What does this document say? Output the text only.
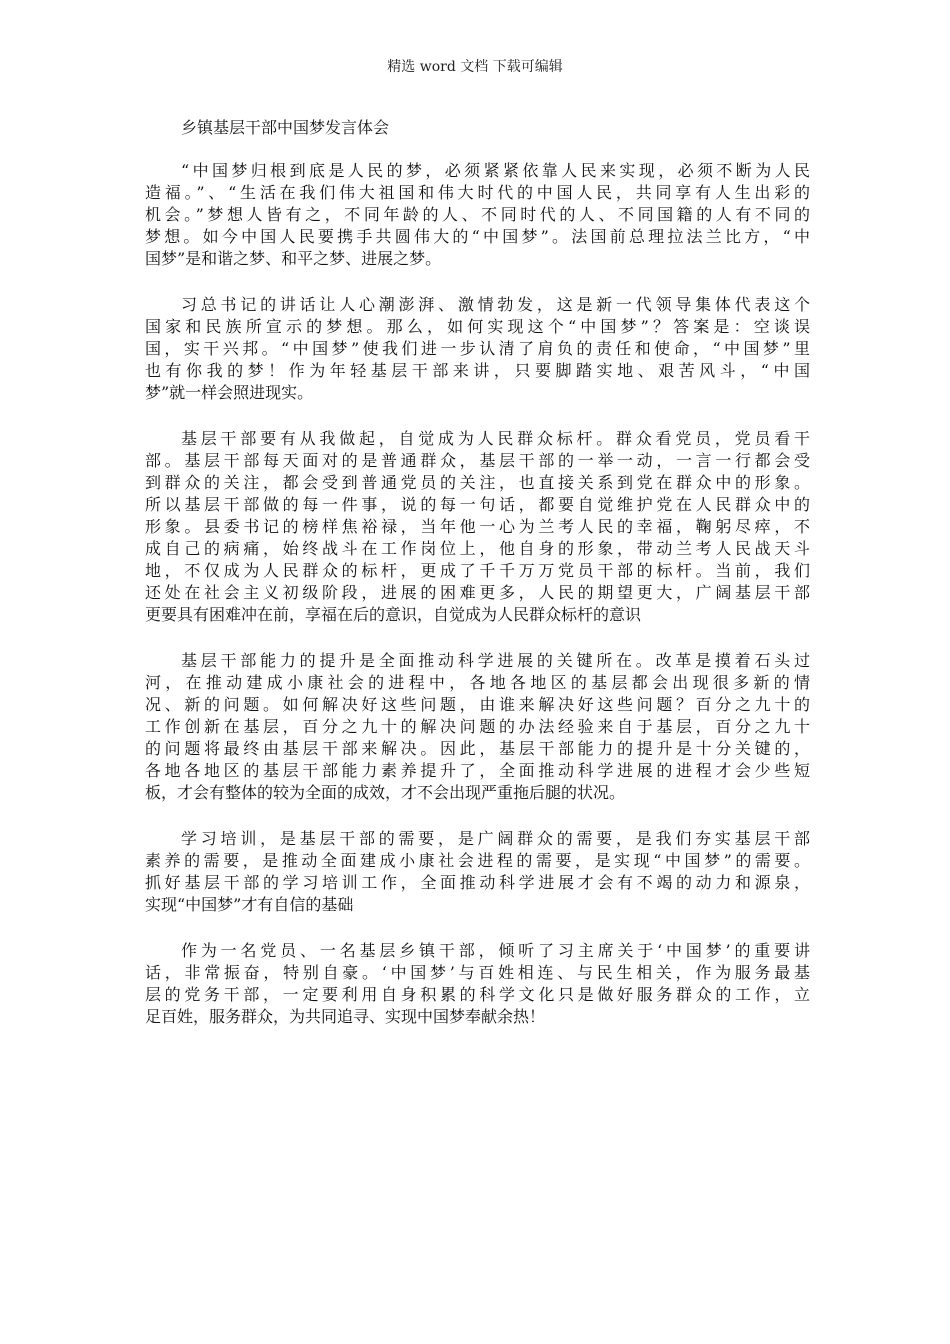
精选 word 文档 下载可编辑
乡镇基层干部中国梦发言体会
“中国梦归根到底是人民的梦，必须紧紧依靠人民来实现，必须不断为人民
造福。”、“生活在我们伟大祖国和伟大时代的中国人民，共同享有人生出彩的
机会。”梦想人皆有之，不同年龄的人、不同时代的人、不同国籍的人有不同的
梦想。如今中国人民要携手共圆伟大的“中国梦”。法国前总理拉法兰比方，“中
国梦”是和谐之梦、和平之梦、进展之梦。
习总书记的讲话让人心潮澎湃、激情勃发，这是新一代领导集体代表这个
国家和民族所宣示的梦想。那么，如何实现这个“中国梦”？答案是：空谈误
国，实干兴邦。“中国梦”使我们进一步认清了肩负的责任和使命，“中国梦”里
也有你我的梦！作为年轻基层干部来讲，只要脚踏实地、艰苦风斗，“中国
梦”就一样会照进现实。
基层干部要有从我做起，自觉成为人民群众标杆。群众看党员，党员看干
部。基层干部每天面对的是普通群众，基层干部的一举一动，一言一行都会受
到群众的关注，都会受到普通党员的关注，也直接关系到党在群众中的形象。
所以基层干部做的每一件事，说的每一句话，都要自觉维护党在人民群众中的
形象。县委书记的榜样焦裕禄，当年他一心为兰考人民的幸福，鞠躬尽瘁，不
成自己的病痛，始终战斗在工作岗位上，他自身的形象，带动兰考人民战天斗
地，不仅成为人民群众的标杆，更成了千千万万党员干部的标杆。当前，我们
还处在社会主义初级阶段，进展的困难更多，人民的期望更大，广阔基层干部
更要具有困难冲在前，享福在后的意识，自觉成为人民群众标杆的意识
基层干部能力的提升是全面推动科学进展的关键所在。改革是摸着石头过
河，在推动建成小康社会的进程中，各地各地区的基层都会出现很多新的情
况、新的问题。如何解决好这些问题，由谁来解决好这些问题？百分之九十的
工作创新在基层，百分之九十的解决问题的办法经验来自于基层，百分之九十
的问题将最终由基层干部来解决。因此，基层干部能力的提升是十分关键的，
各地各地区的基层干部能力素养提升了，全面推动科学进展的进程才会少些短
板，才会有整体的较为全面的成效，才不会出现严重拖后腿的状况。
学习培训，是基层干部的需要，是广阔群众的需要，是我们夯实基层干部
素养的需要，是推动全面建成小康社会进程的需要，是实现“中国梦”的需要。
抓好基层干部的学习培训工作，全面推动科学进展才会有不竭的动力和源泉，
实现“中国梦”才有自信的基础
作为一名党员、一名基层乡镇干部，倾听了习主席关于‘中国梦’的重要讲
话，非常振奋，特别自豪。‘中国梦’与百姓相连、与民生相关，作为服务最基
层的党务干部，一定要利用自身积累的科学文化只是做好服务群众的工作，立
足百姓，服务群众，为共同追寻、实现中国梦奉献余热！
